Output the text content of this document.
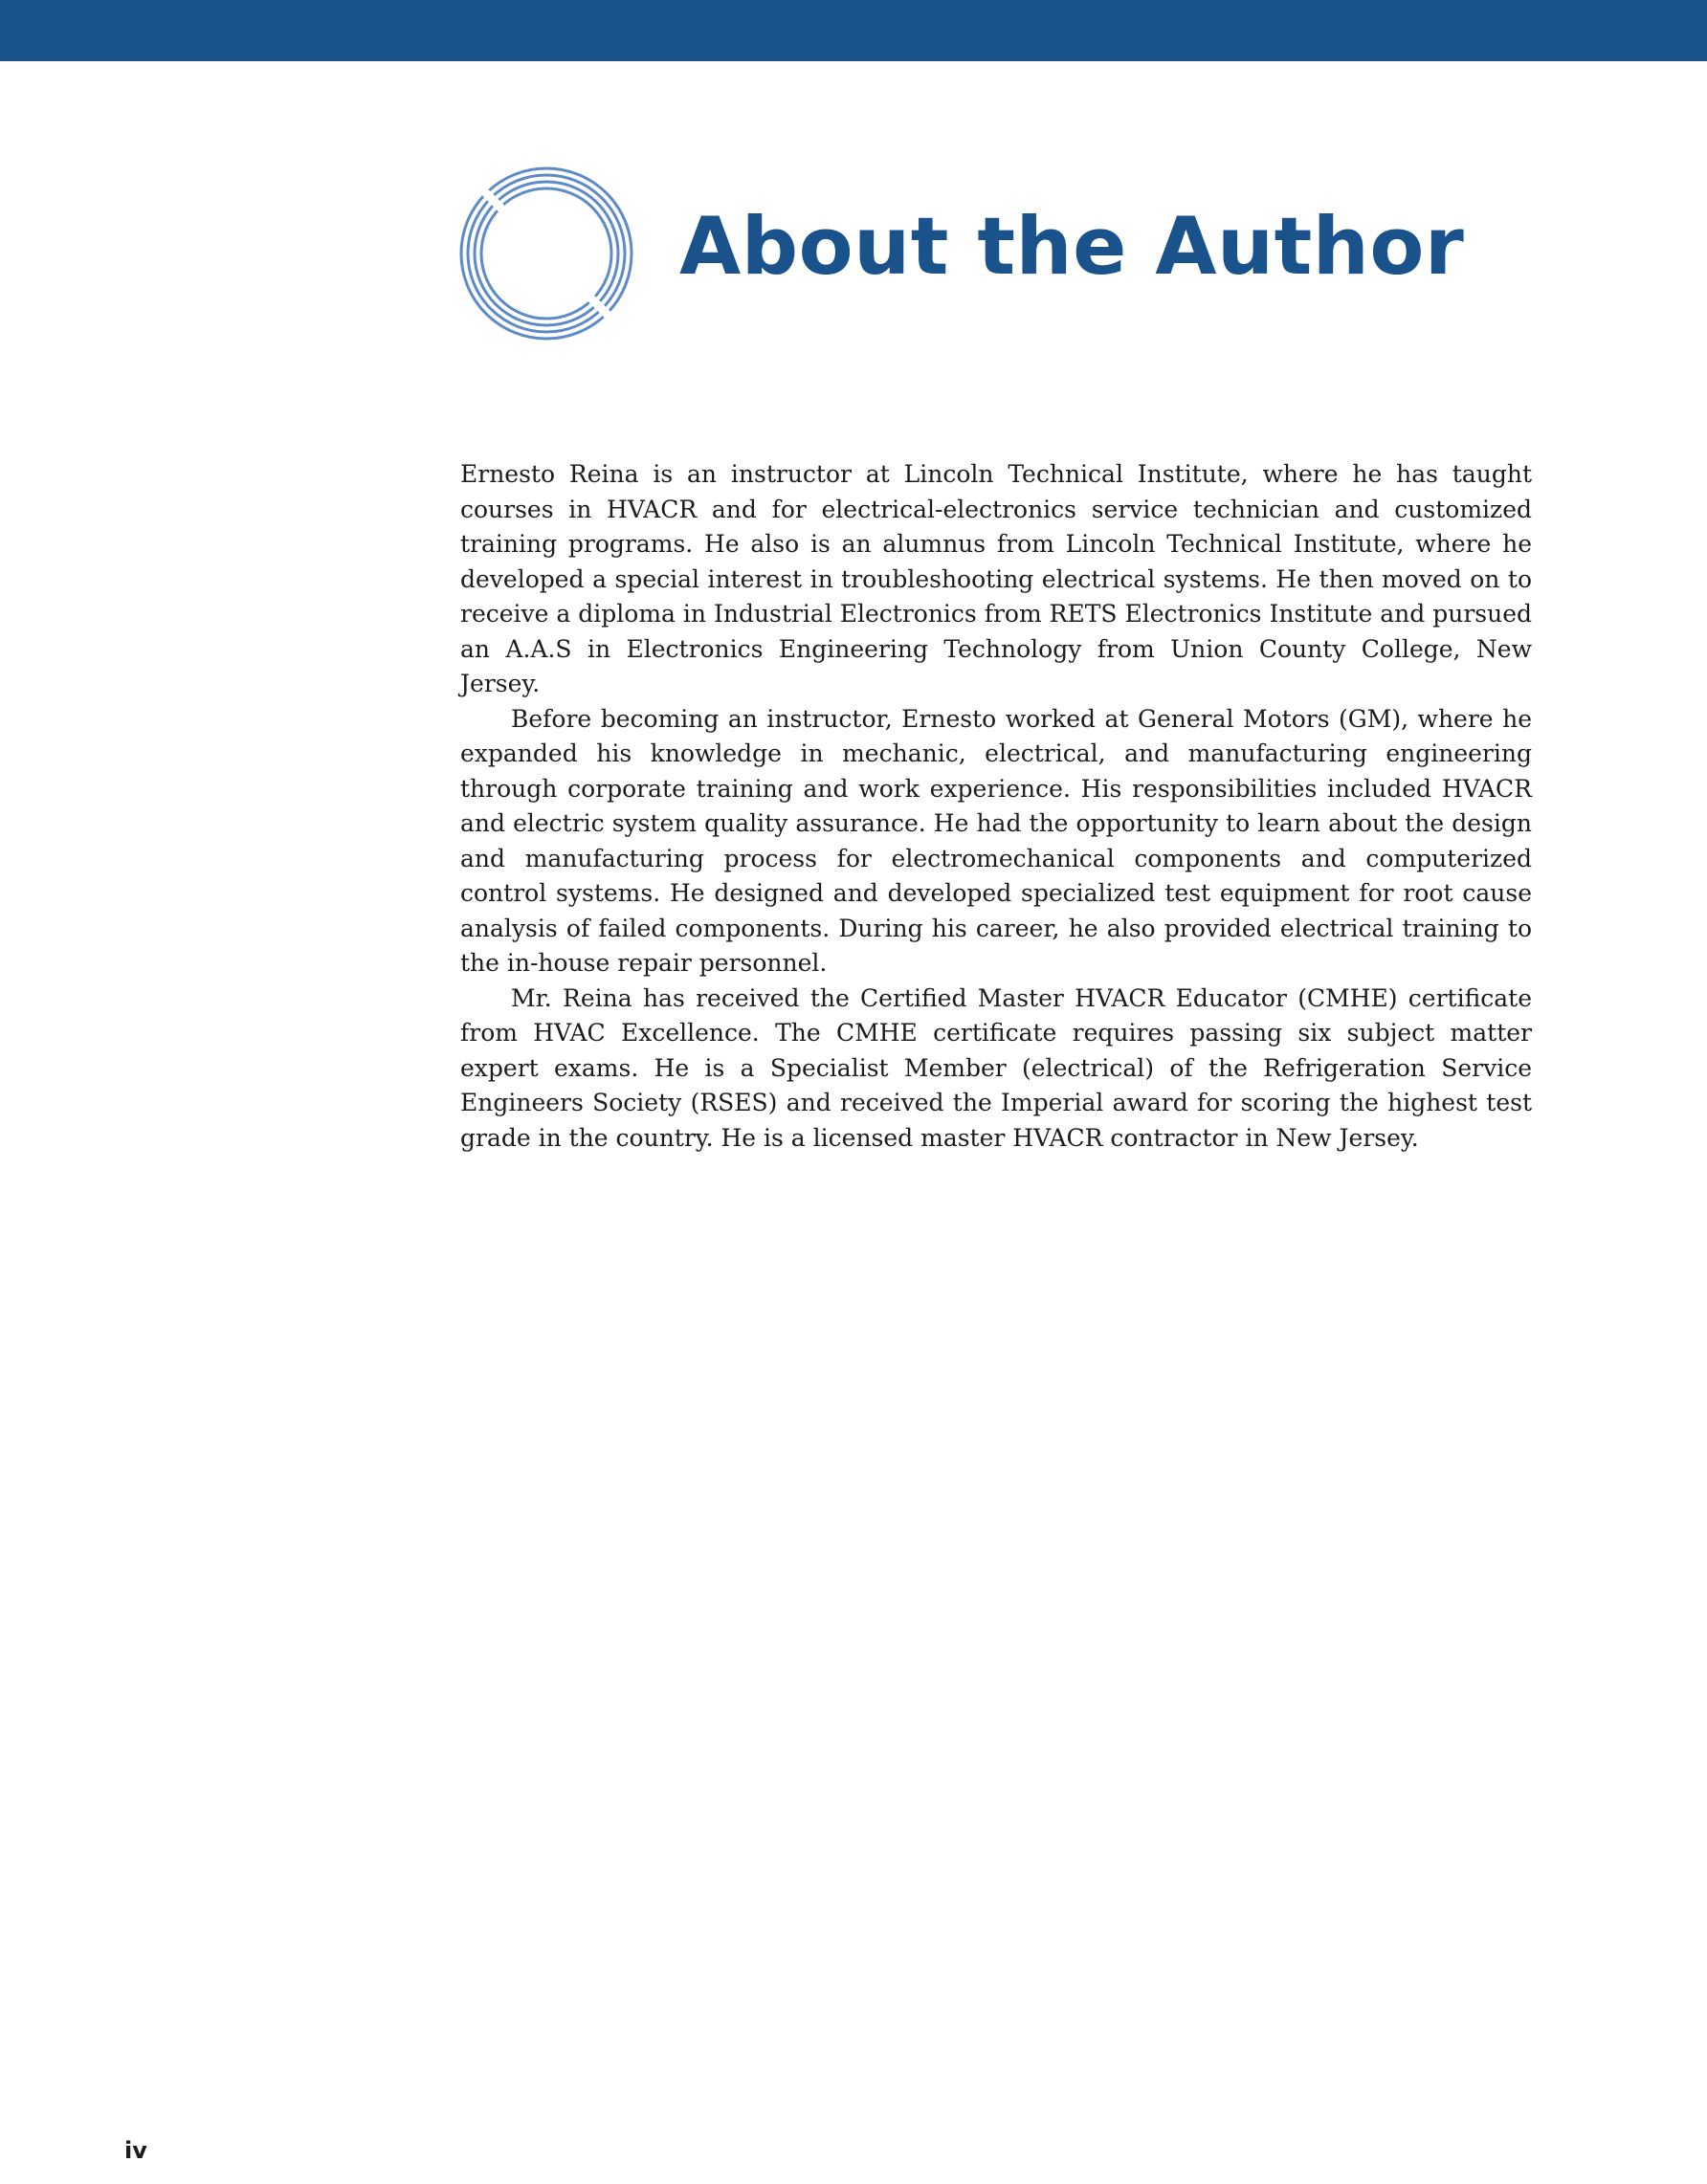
About the Author

Ernesto Reina is an instructor at Lincoln Technical Institute, where he has taught courses in HVACR and for electrical-electronics service technician and customized training programs. He also is an alumnus from Lincoln Technical Institute, where he developed a special interest in troubleshooting electrical systems. He then moved on to receive a diploma in Industrial Electronics from RETS Electronics Institute and pursued an A.A.S in Electronics Engineering Technology from Union County College, New Jersey.

Before becoming an instructor, Ernesto worked at General Motors (GM), where he expanded his knowledge in mechanic, electrical, and manufacturing engineering through corporate training and work experience. His responsibilities included HVACR and electric system quality assurance. He had the opportunity to learn about the design and manufacturing process for electromechanical components and computerized control systems. He designed and developed specialized test equipment for root cause analysis of failed components. During his career, he also provided electrical training to the in-house repair personnel.

Mr. Reina has received the Certified Master HVACR Educator (CMHE) certificate from HVAC Excellence. The CMHE certificate requires passing six subject matter expert exams. He is a Specialist Member (electrical) of the Refrigeration Service Engineers Society (RSES) and received the Imperial award for scoring the highest test grade in the country. He is a licensed master HVACR contractor in New Jersey.

iv
